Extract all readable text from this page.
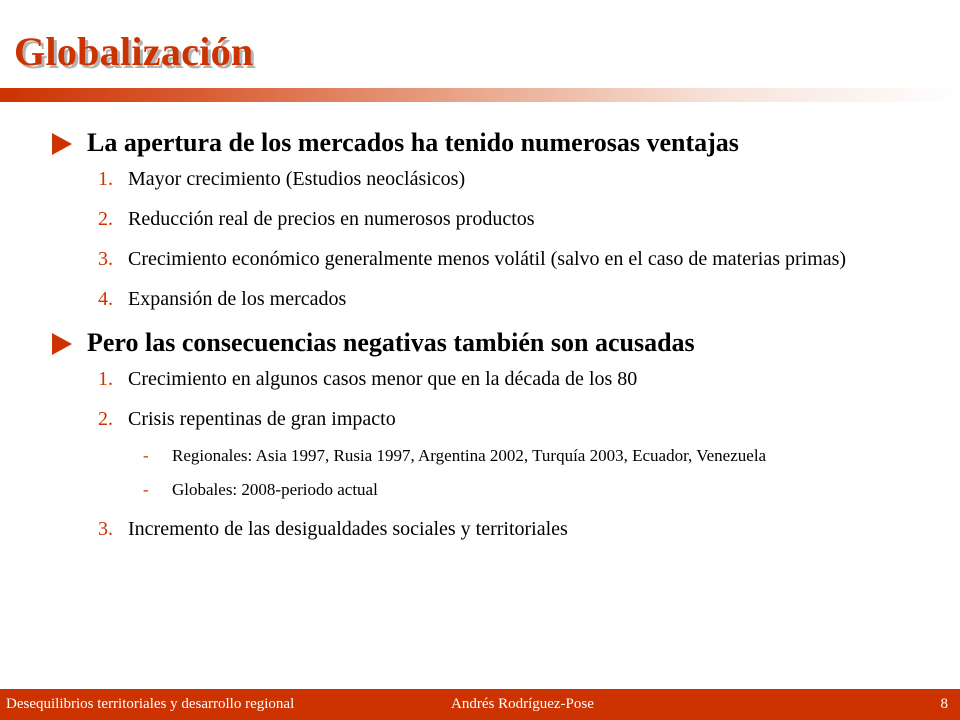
Globalización
La apertura de los mercados ha tenido numerosas ventajas
1. Mayor crecimiento (Estudios neoclásicos)
2. Reducción real de precios en numerosos productos
3. Crecimiento económico generalmente menos volátil (salvo en el caso de materias primas)
4. Expansión de los mercados
Pero las consecuencias negativas también son acusadas
1. Crecimiento en algunos casos menor que en la década de los 80
2. Crisis repentinas de gran impacto
- Regionales: Asia 1997, Rusia 1997, Argentina 2002, Turquía 2003, Ecuador, Venezuela
- Globales: 2008-periodo actual
3. Incremento de las desigualdades sociales y territoriales
Desequilibrios territoriales y desarrollo regional	Andrés Rodríguez-Pose	8
